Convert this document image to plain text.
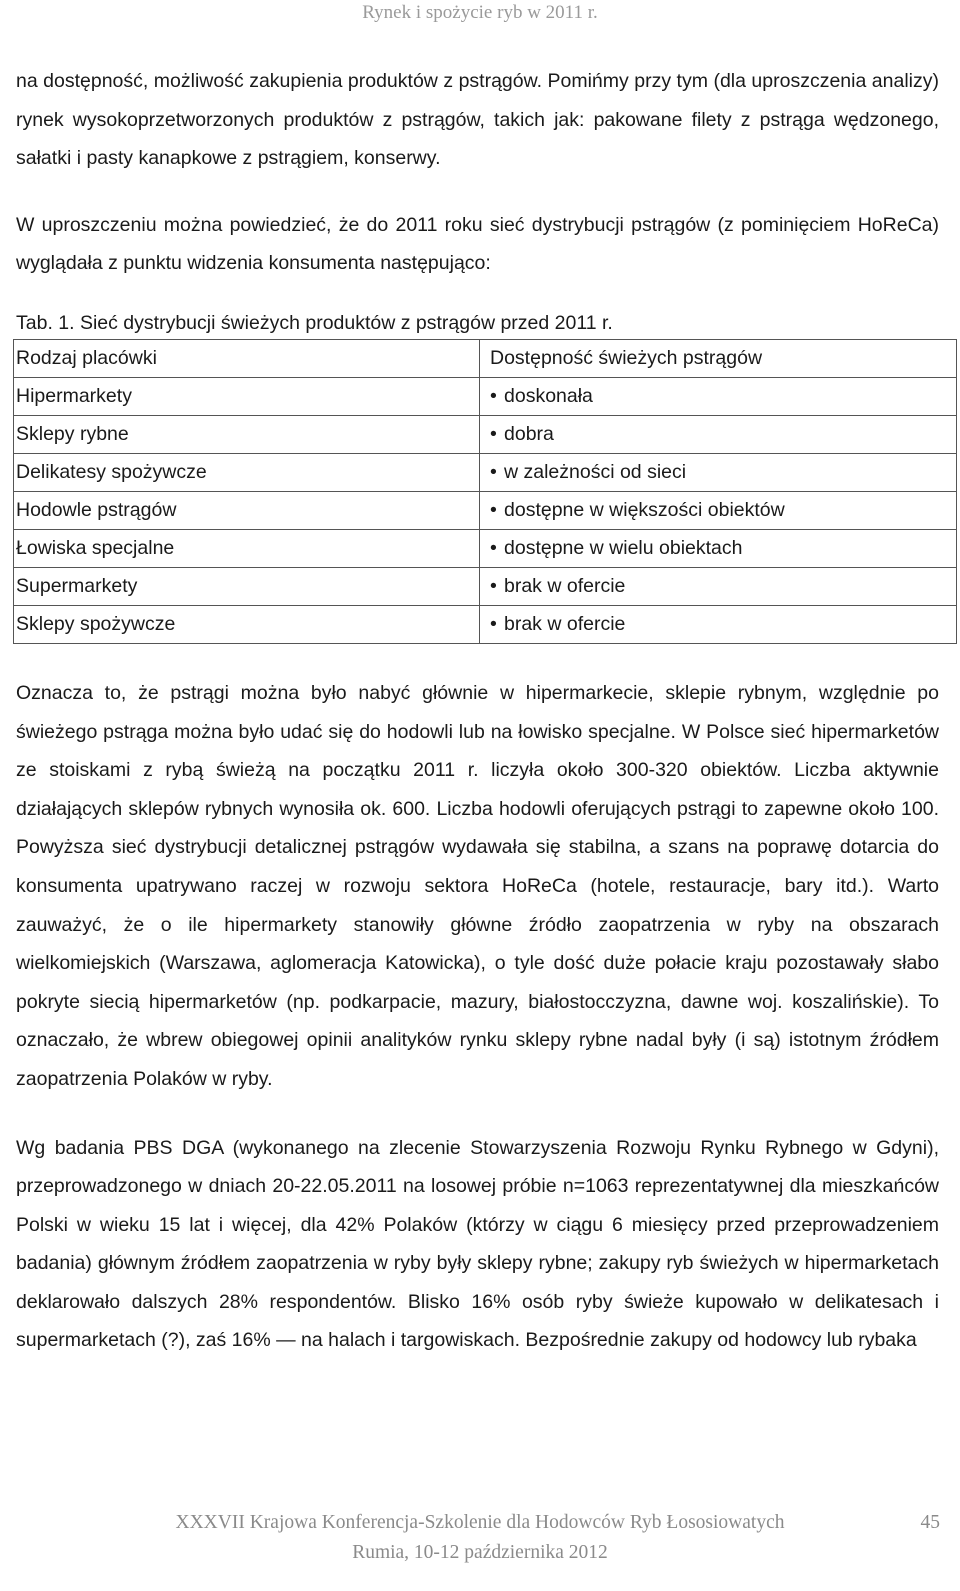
Rynek i spożycie ryb w 2011 r.

na dostępność, możliwość zakupienia produktów z pstrągów. Pomińmy przy tym (dla uproszczenia analizy) rynek wysokoprzetworzonych produktów z pstrągów, takich jak: pakowane filety z pstrąga wędzonego, sałatki i pasty kanapkowe z pstrągiem, konserwy.

W uproszczeniu można powiedzieć, że do 2011 roku sieć dystrybucji pstrągów (z pominięciem HoReCa) wyglądała z punktu widzenia konsumenta następująco:

Tab. 1. Sieć dystrybucji świeżych produktów z pstrągów przed 2011 r.

Rodzaj placówki	Dostępność świeżych pstrągów
Hipermarkety	• doskonała
Sklepy rybne	• dobra
Delikatesy spożywcze	• w zależności od sieci
Hodowle pstrągów	• dostępne w większości obiektów
Łowiska specjalne	• dostępne w wielu obiektach
Supermarkety	• brak w ofercie
Sklepy spożywcze	• brak w ofercie

Oznacza to, że pstrągi można było nabyć głównie w hipermarkecie, sklepie rybnym, względnie po świeżego pstrąga można było udać się do hodowli lub na łowisko specjalne. W Polsce sieć hipermarketów ze stoiskami z rybą świeżą na początku 2011 r. liczyła około 300-320 obiektów. Liczba aktywnie działających sklepów rybnych wynosiła ok. 600. Liczba hodowli oferujących pstrągi to zapewne około 100. Powyższa sieć dystrybucji detalicznej pstrągów wydawała się stabilna, a szans na poprawę dotarcia do konsumenta upatrywano raczej w rozwoju sektora HoReCa (hotele, restauracje, bary itd.). Warto zauważyć, że o ile hipermarkety stanowiły główne źródło zaopatrzenia w ryby na obszarach wielkomiejskich (Warszawa, aglomeracja Katowicka), o tyle dość duże połacie kraju pozostawały słabo pokryte siecią hipermarketów (np. podkarpacie, mazury, białostocczyzna, dawne woj. koszalińskie). To oznaczało, że wbrew obiegowej opinii analityków rynku sklepy rybne nadal były (i są) istotnym źródłem zaopatrzenia Polaków w ryby.

Wg badania PBS DGA (wykonanego na zlecenie Stowarzyszenia Rozwoju Rynku Rybnego w Gdyni), przeprowadzonego w dniach 20-22.05.2011 na losowej próbie n=1063 reprezentatywnej dla mieszkańców Polski w wieku 15 lat i więcej, dla 42% Polaków (którzy w ciągu 6 miesięcy przed przeprowadzeniem badania) głównym źródłem zaopatrzenia w ryby były sklepy rybne; zakupy ryb świeżych w hipermarketach deklarowało dalszych 28% respondentów. Blisko 16% osób ryby świeże kupowało w delikatesach i supermarketach (?), zaś 16% — na halach i targowiskach. Bezpośrednie zakupy od hodowcy lub rybaka

XXXVII Krajowa Konferencja-Szkolenie dla Hodowców Ryb Łososiowatych	45
Rumia, 10-12 października 2012
